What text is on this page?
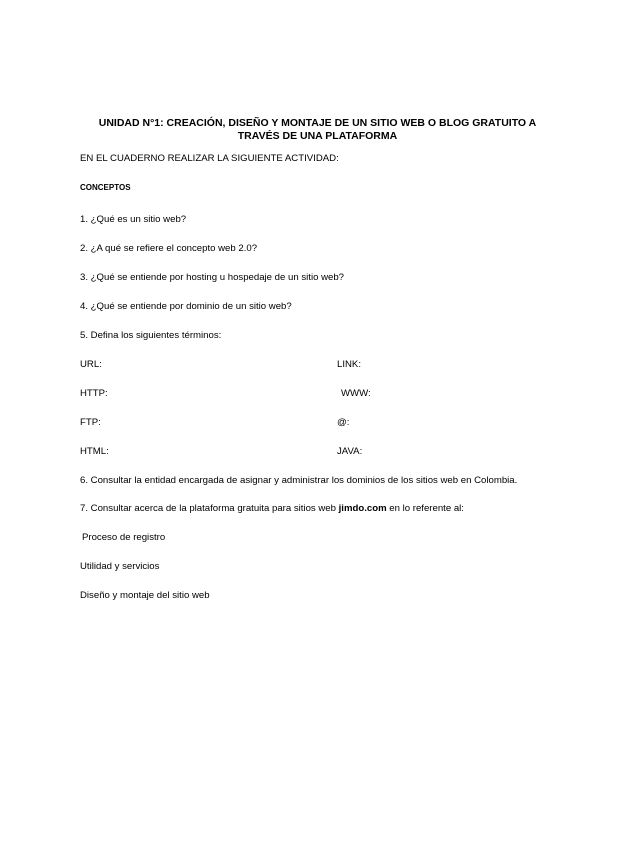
UNIDAD N°1: CREACIÓN, DISEÑO Y MONTAJE DE UN SITIO WEB O BLOG GRATUITO A
TRAVÉS DE UNA PLATAFORMA
EN EL CUADERNO REALIZAR LA SIGUIENTE ACTIVIDAD:
CONCEPTOS
1. ¿Qué es un sitio web?
2. ¿A qué se refiere el concepto web 2.0?
3. ¿Qué se entiende por hosting u hospedaje de un sitio web?
4. ¿Qué se entiende por dominio de un sitio web?
5. Defina los siguientes términos:
URL:	LINK:
HTTP:	WWW:
FTP:	@:
HTML:	JAVA:
6. Consultar la entidad encargada de asignar y administrar los dominios de los sitios web en Colombia.
7. Consultar acerca de la plataforma gratuita para sitios web jimdo.com en lo referente al:
Proceso de registro
Utilidad y servicios
Diseño y montaje del sitio web
